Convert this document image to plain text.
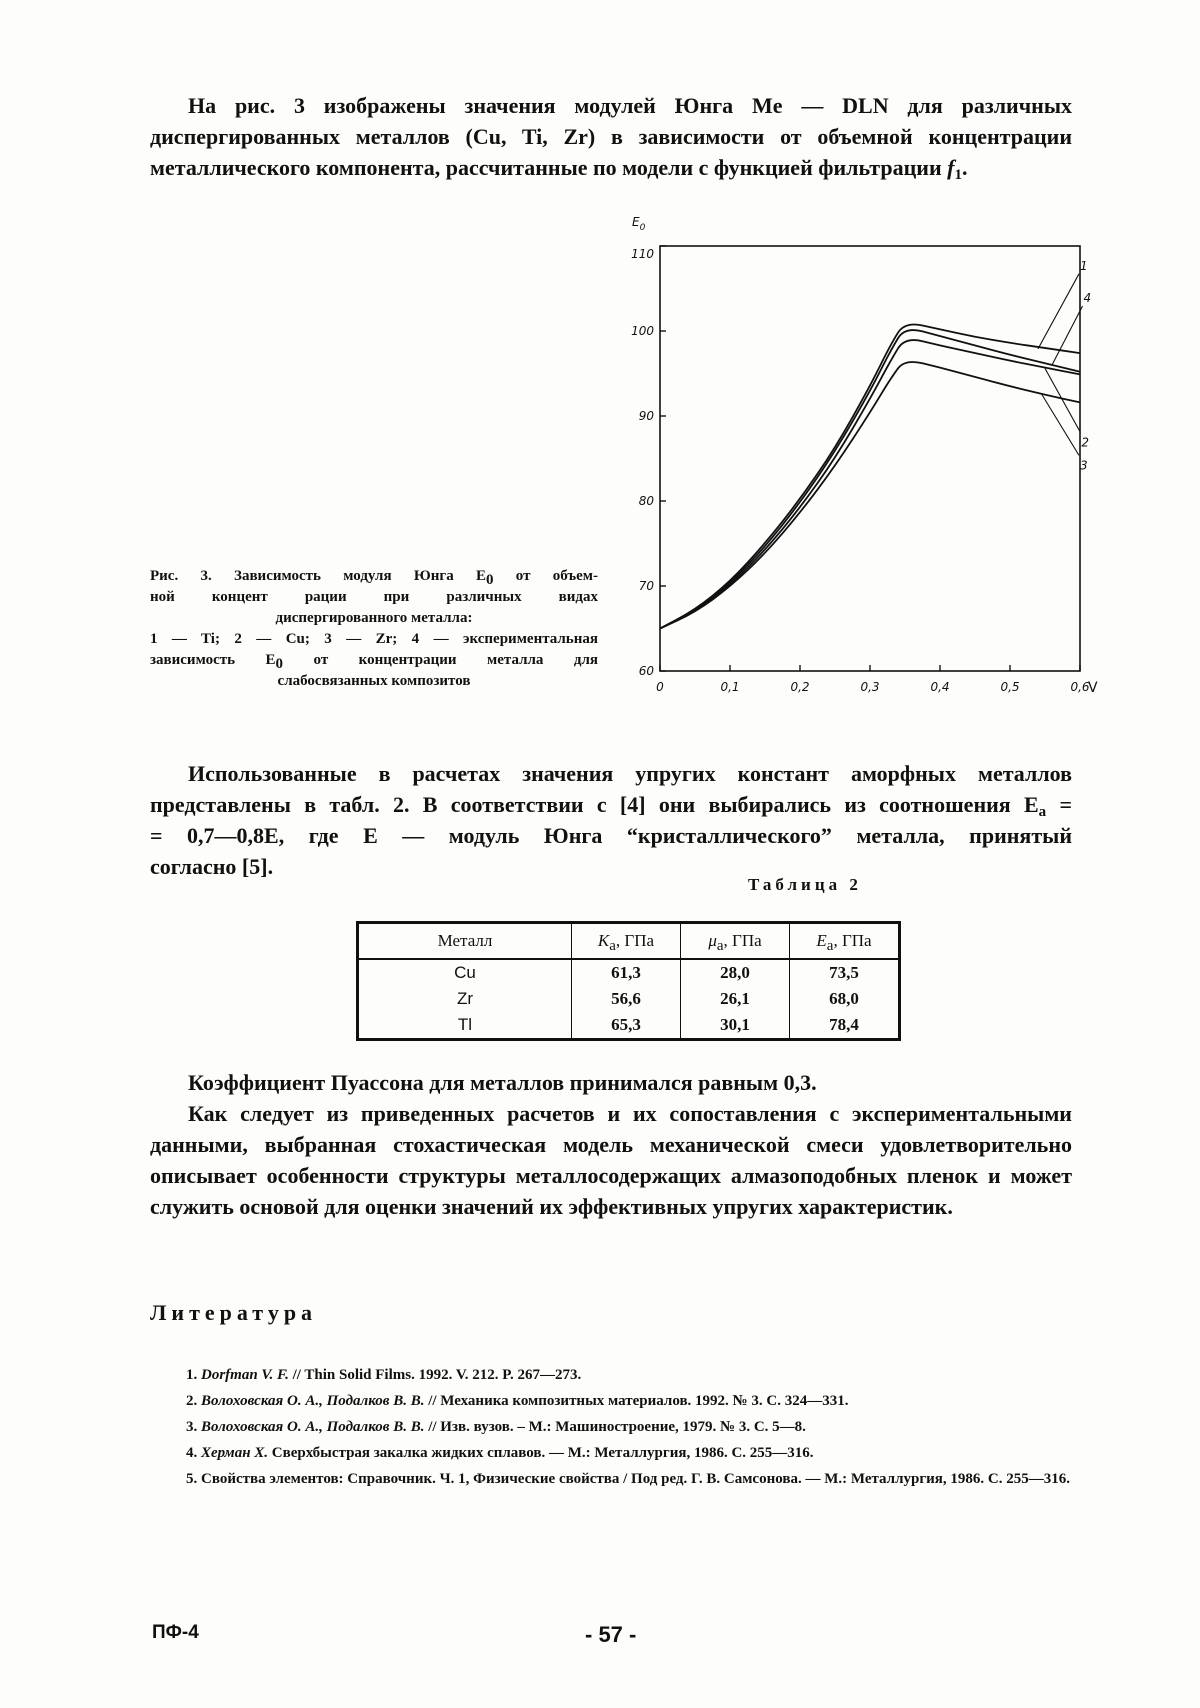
На рис. 3 изображены значения модулей Юнга Me — DLN для различных
диспергированных металлов (Cu, Ti, Zr) в зависимости от объемной концентрации
металлического компонента, рассчитанные по модели с функцией фильтрации $f_1$.
60
70
80
90
100
110
0	0,1	0,2	0,3	0,4	0,5	0,6
1
4
2
3
$E_0$
V
Рис. 3. Зависимость модуля Юнга $E_0$ от объем-
ной концент рации при различных видах
диспергированного металла:
1 — Ti; 2 — Cu; 3 — Zr; 4 — экспериментальная
зависимость $E_0$ от концентрации металла для
слабосвязанных композитов
Использованные в расчетах значения упругих констант аморфных металлов
представлены в табл. 2. В соответствии с [4] они выбирались из соотношения $E_a$ =
= 0,7—0,8E, где E — модуль Юнга “кристаллического” металла, принятый
согласно [5].
Таблица 2
Металл	$K_a$, ГПа	$\mu_a$, ГПа	$E_a$, ГПа
Cu	61,3	28,0	73,5
Zr	56,6	26,1	68,0
Tl	65,3	30,1	78,4

Коэффициент Пуассона для металлов принимался равным 0,3.

Как следует из приведенных расчетов и их сопоставления с экспериментальными данными, выбранная стохастическая модель механической смеси удовлетворительно описывает особенности структуры металлосодержащих алмазоподобных пленок и может служить основой для оценки значений их эффективных упругих характеристик.

Литература
1. Dorfman V. F. // Thin Solid Films. 1992. V. 212. P. 267—273.
2. Волоховская О. А., Подалков В. В. // Механика композитных материалов. 1992. № 3. С. 324—331.
3. Волоховская О. А., Подалков В. В. // Изв. вузов. – М.: Машиностроение, 1979. № 3. С. 5—8.
4. Херман Х. Сверхбыстрая закалка жидких сплавов. — М.: Металлургия, 1986. С. 255—316.
5. Свойства элементов: Справочник. Ч. 1, Физические свойства / Под ред. Г. В. Самсонова. — М.: Металлургия, 1986. С. 255—316.
ПФ-4	- 57 -
